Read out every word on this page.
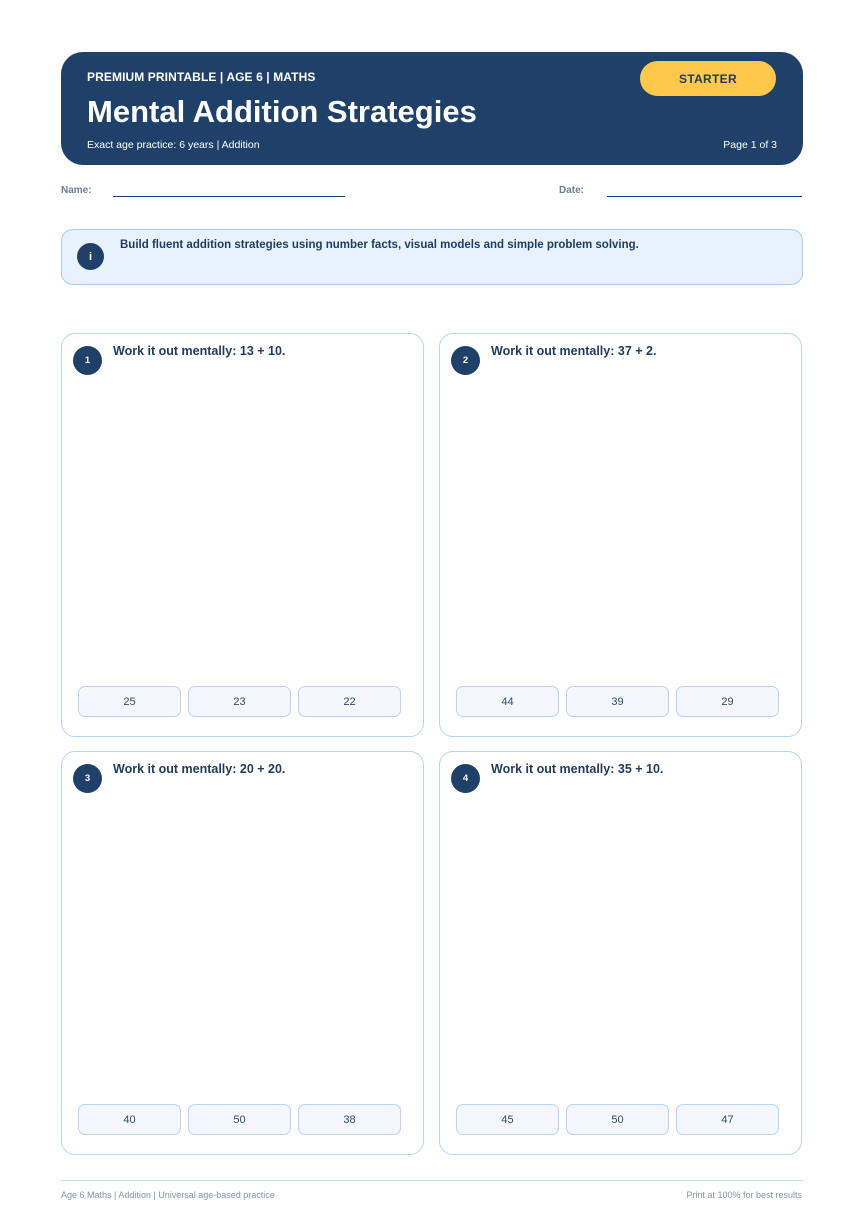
PREMIUM PRINTABLE | AGE 6 | MATHS
Mental Addition Strategies
Exact age practice: 6 years | Addition	Page 1 of 3
STARTER
Name:	Date:
i
Build fluent addition strategies using number facts, visual models and simple problem solving.
1
Work it out mentally: 13 + 10.
25	23	22
2
Work it out mentally: 37 + 2.
44	39	29
3
Work it out mentally: 20 + 20.
40	50	38
4
Work it out mentally: 35 + 10.
45	50	47
Age 6 Maths | Addition | Universal age-based practice	Print at 100% for best results
